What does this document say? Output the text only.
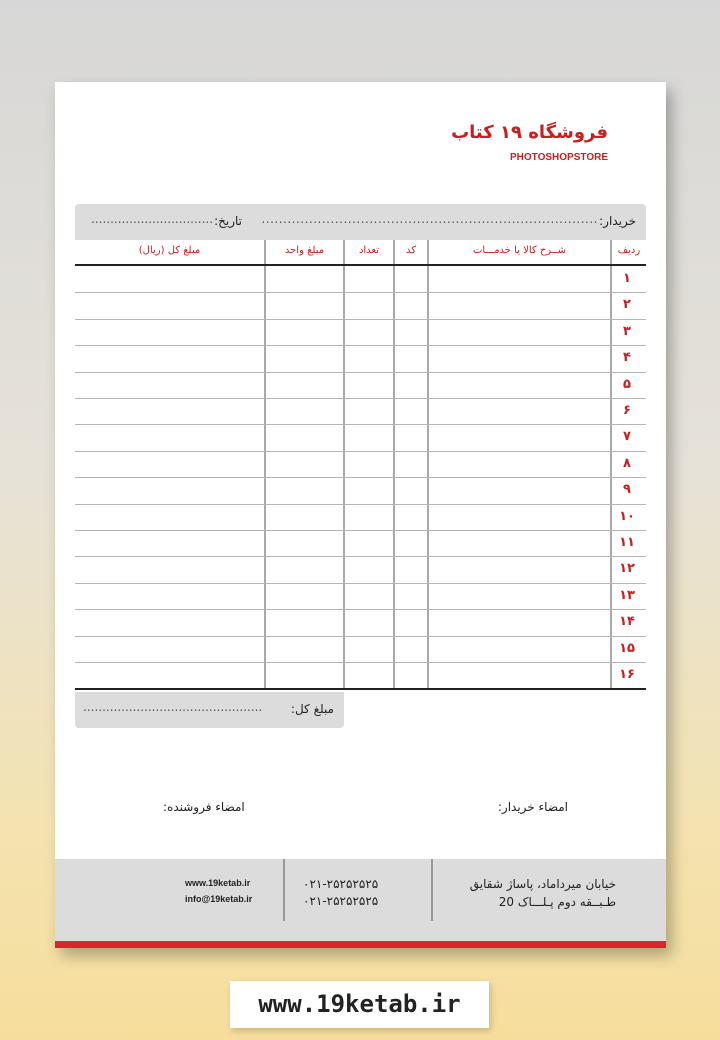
فروشگاه ۱۹ کتاب
PHOTOSHOPSTORE
خریدار:
..............................................................................
تاریخ:
................................
ردیف
شــرح کالا یا خدمـــات
کد
تعداد
مبلغ واحد
مبلغ کل (ریال)
۱
۲
۳
۴
۵
۶
۷
۸
۹
۱۰
۱۱
۱۲
۱۳
۱۴
۱۵
۱۶
مبلغ کل:
...............................................
امضاء خریدار:
امضاء فروشنده:
خیابان میرداماد، پاساژ شقایق
طـبــقه دوم پـلـــاک 20
۰۲۱-۲۵۲۵۲۵۲۵
۰۲۱-۲۵۲۵۲۵۲۵
www.19ketab.ir
info@19ketab.ir
www.19ketab.ir
